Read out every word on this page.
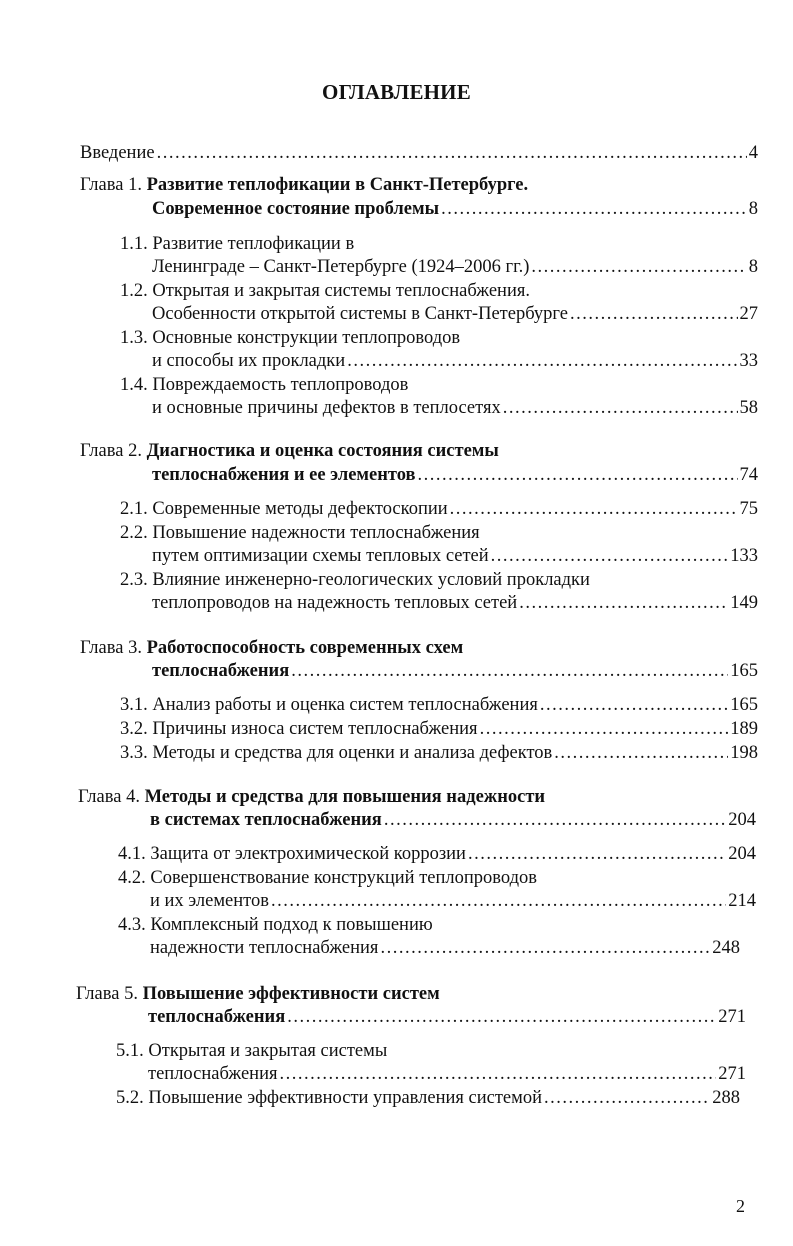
ОГЛАВЛЕНИЕ
Введение .....	4
Глава 1.
Развитие теплофикации в Санкт-Петербурге.
Современное состояние проблемы .....	8
1.1.
Развитие теплофикации в
Ленинграде – Санкт-Петербурге (1924–2006 гг.) .....	8
1.2.
Открытая и закрытая системы теплоснабжения.
Особенности открытой системы в Санкт-Петербурге .....	27
1.3.
Основные конструкции теплопроводов
и способы их прокладки .....	33
1.4.
Повреждаемость теплопроводов
и основные причины дефектов в теплосетях .....	58
Глава 2.
Диагностика и оценка состояния системы
теплоснабжения и ее элементов .....	74
2.1.
Современные методы дефектоскопии .....	75
2.2.
Повышение надежности теплоснабжения
путем оптимизации схемы тепловых сетей .....	133
2.3.
Влияние инженерно-геологических условий прокладки
теплопроводов на надежность тепловых сетей .....	149
Глава 3.
Работоспособность современных схем
теплоснабжения .....	165
3.1.
Анализ работы и оценка систем теплоснабжения .....	165
3.2.
Причины износа систем теплоснабжения .....	189
3.3.
Методы и средства для оценки и анализа дефектов .....	198
Глава 4.
Методы и средства для повышения надежности
в системах теплоснабжения .....	204
4.1.
Защита от электрохимической коррозии .....	204
4.2.
Совершенствование конструкций теплопроводов
и их элементов .....	214
4.3.
Комплексный подход к повышению
надежности теплоснабжения .....	248
Глава 5.
Повышение эффективности систем
теплоснабжения .....	271
5.1.
Открытая и закрытая системы
теплоснабжения .....	271
5.2.
Повышение эффективности управления системой .....	288
2
